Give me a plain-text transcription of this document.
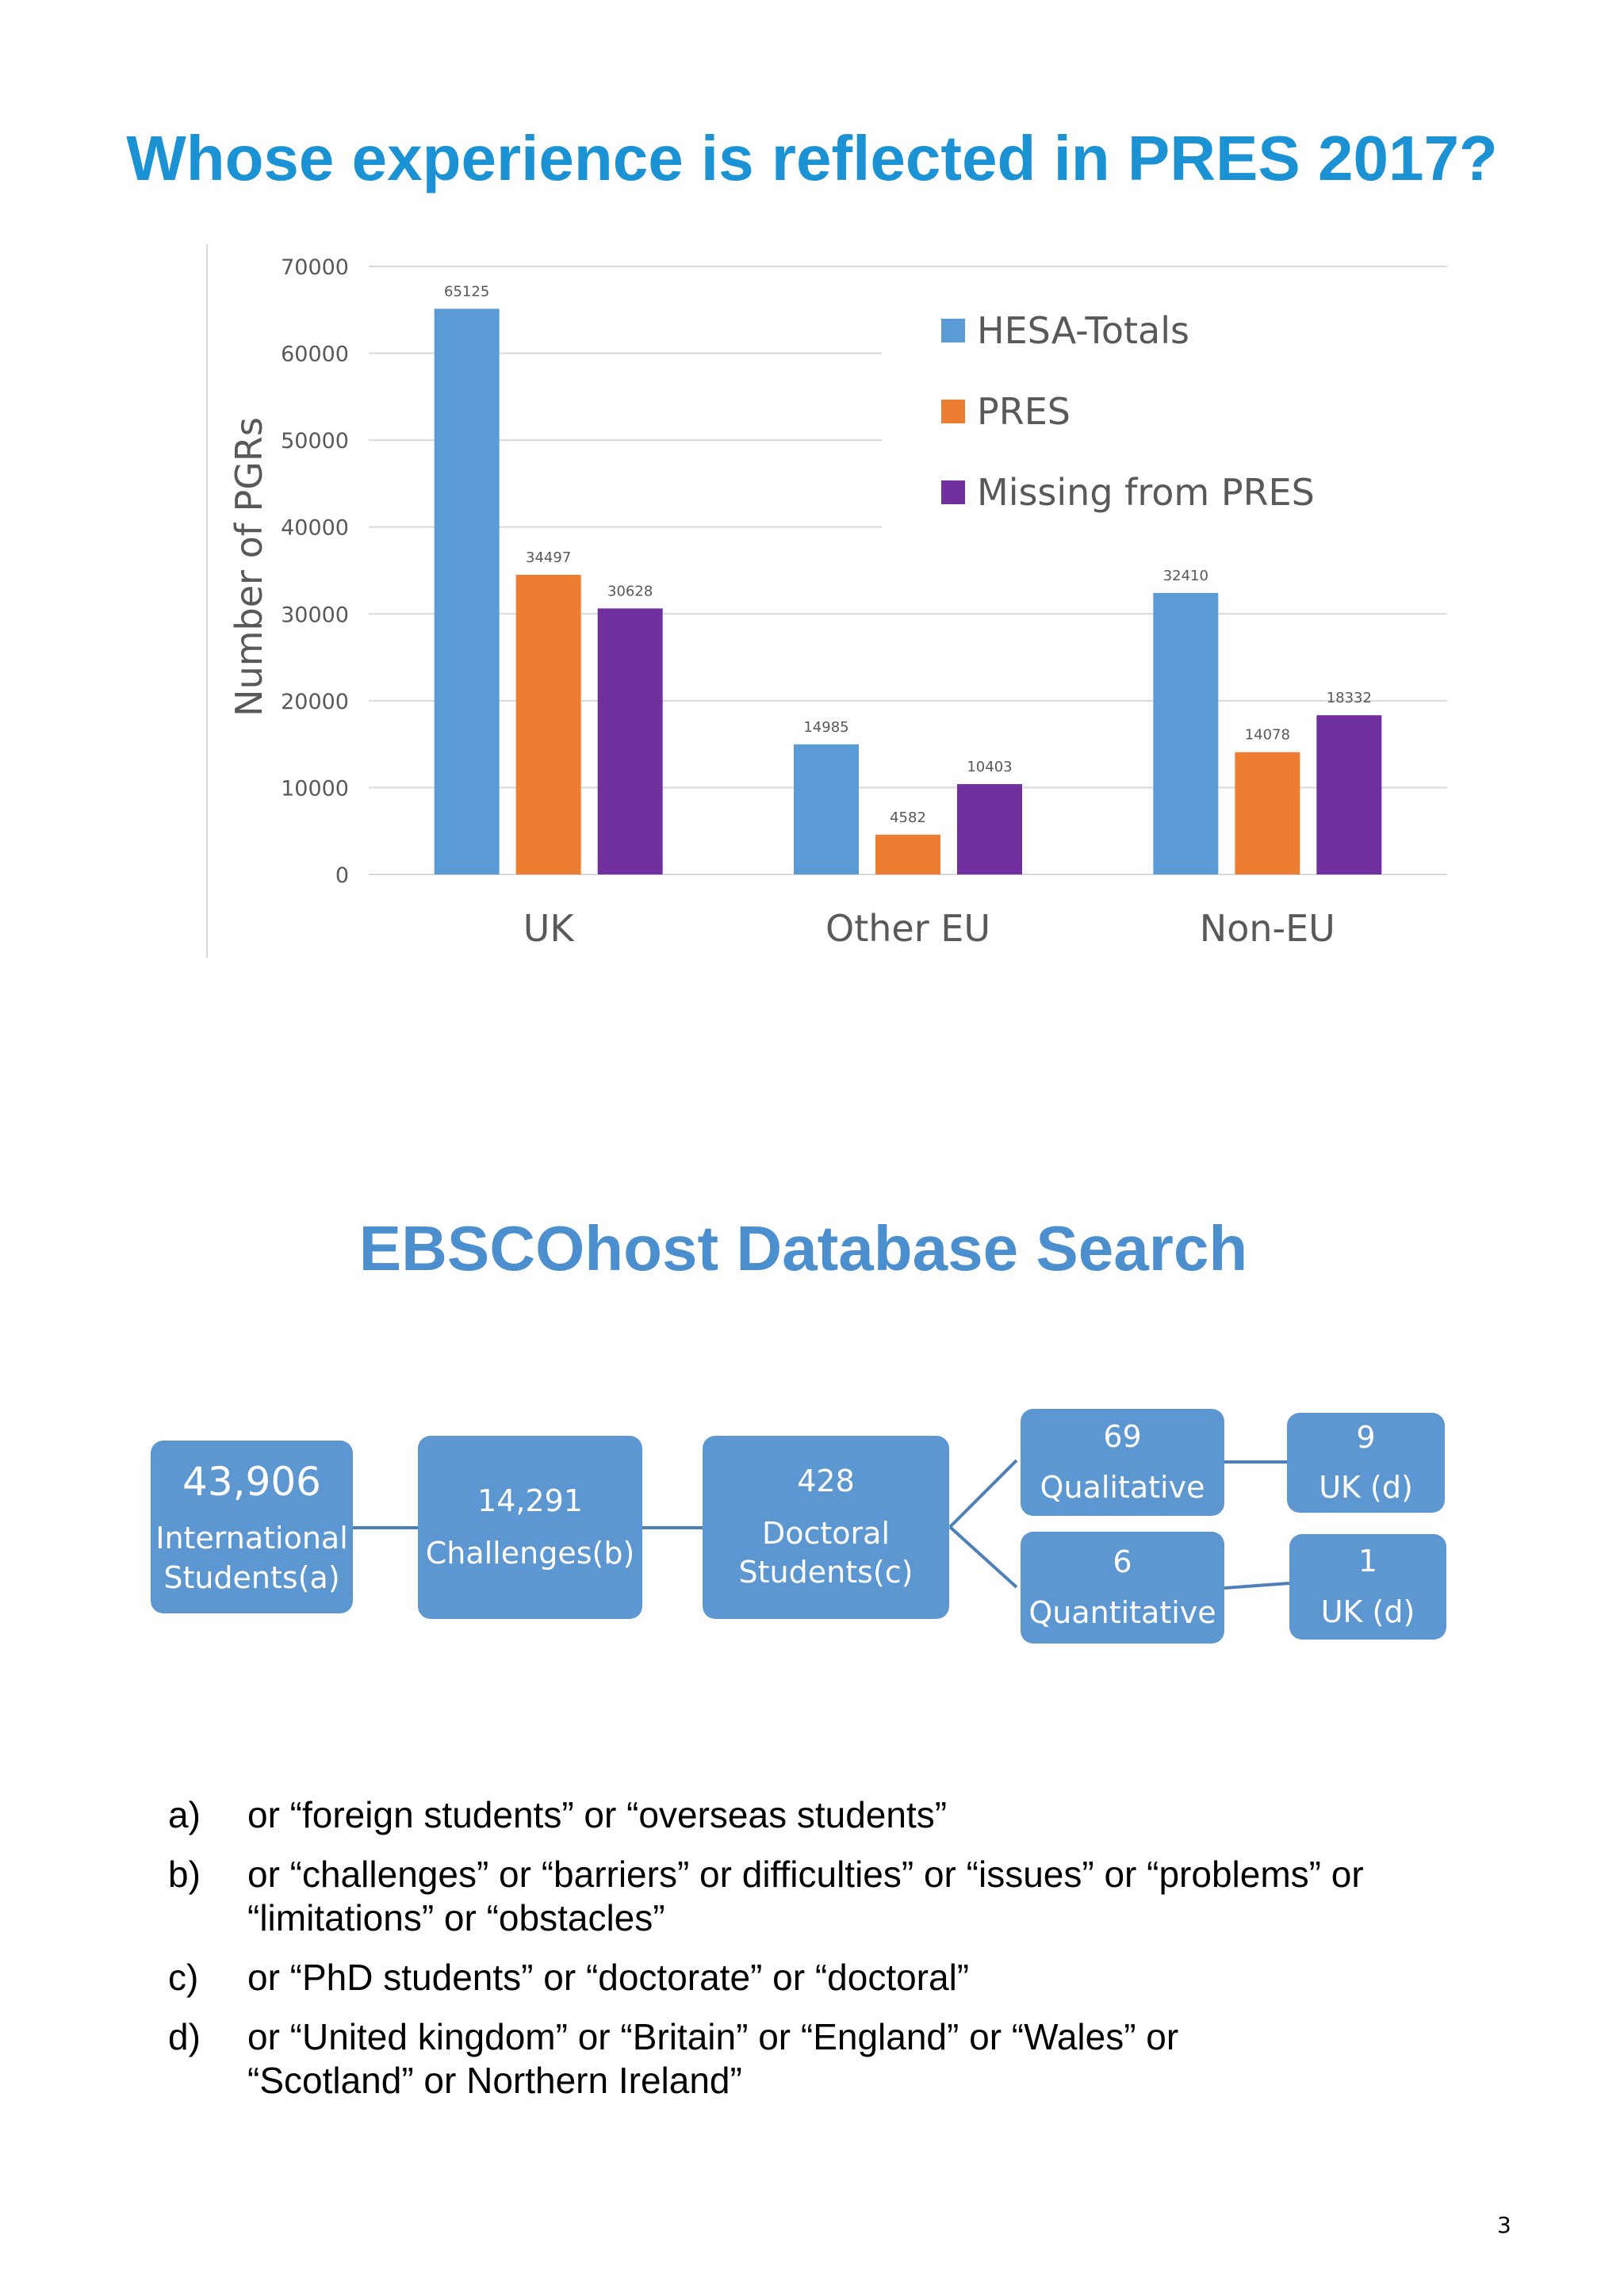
Whose experience is reflected in PRES 2017?
0
10000
20000
30000
40000
50000
60000
70000
65125
34497
30628
14985
4582
10403
32410
14078
18332
UK	Other EU	Non-EU
Number of PGRs
HESA-Totals
PRES
Missing from PRES
EBSCOhost Database Search
43,906
International
Students(a)
14,291
Challenges(b)
428
Doctoral
Students(c)
69
Qualitative
6
Quantitative
9
UK (d)
1
UK (d)
a)	or “foreign students” or “overseas students”
b)	or “challenges” or “barriers” or difficulties” or “issues” or “problems” or “limitations” or “obstacles”
c)	or “PhD students” or “doctorate” or “doctoral”
d)	or “United kingdom” or “Britain” or “England” or “Wales” or “Scotland” or Northern Ireland”
3
